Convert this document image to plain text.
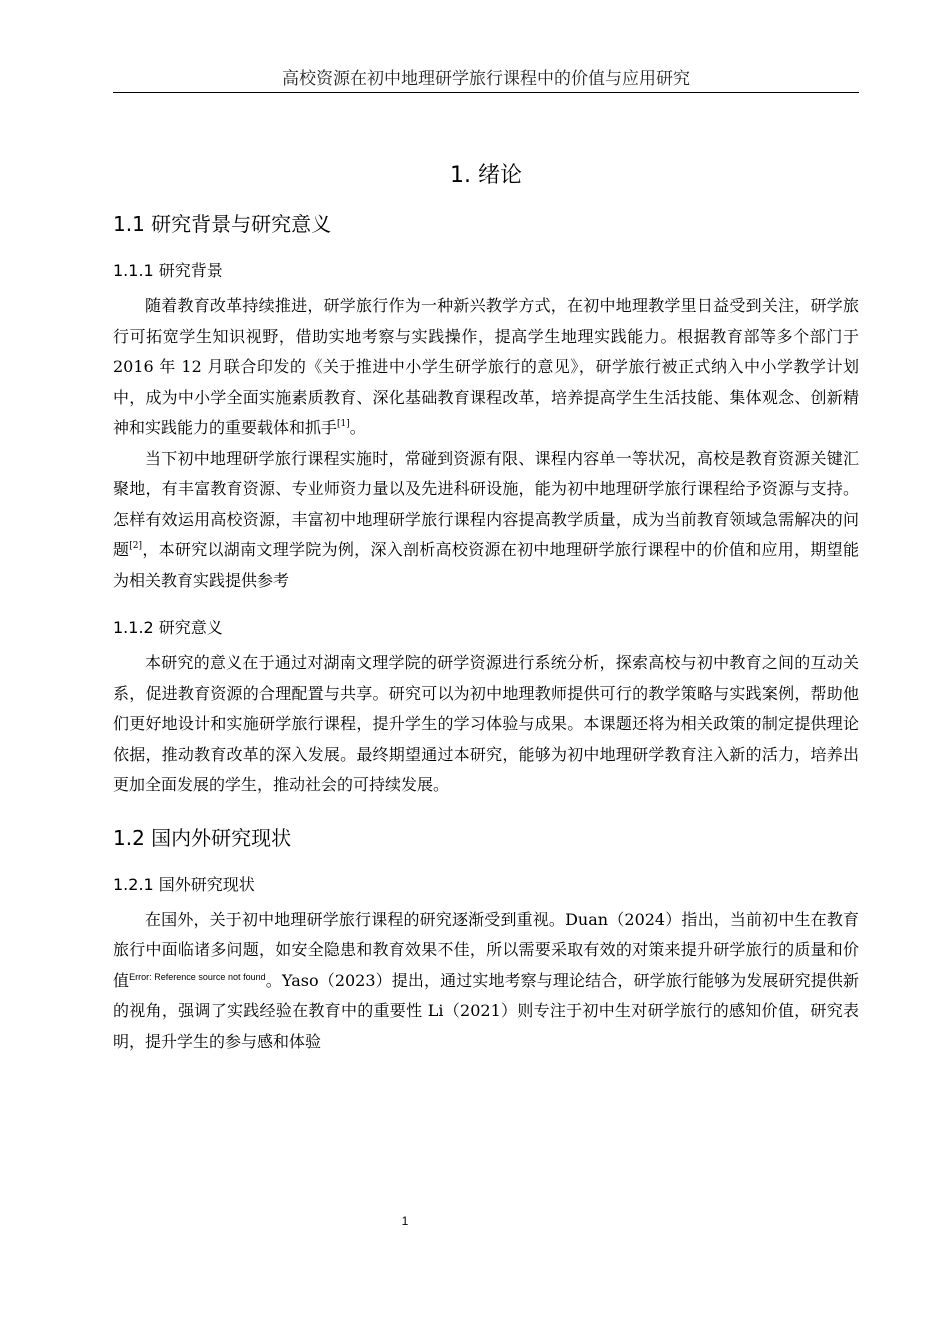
高校资源在初中地理研学旅行课程中的价值与应用研究
1. 绪论
1.1 研究背景与研究意义
1.1.1 研究背景

随着教育改革持续推进，研学旅行作为一种新兴教学方式，在初中地理教学里日益受到关注，研学旅行可拓宽学生知识视野，借助实地考察与实践操作，提高学生地理实践能力。根据教育部等多个部门于 2016 年 12 月联合印发的《关于推进中小学生研学旅行的意见》，研学旅行被正式纳入中小学教学计划中，成为中小学全面实施素质教育、深化基础教育课程改革，培养提高学生生活技能、集体观念、创新精神和实践能力的重要载体和抓手[1]。

当下初中地理研学旅行课程实施时，常碰到资源有限、课程内容单一等状况，高校是教育资源关键汇聚地，有丰富教育资源、专业师资力量以及先进科研设施，能为初中地理研学旅行课程给予资源与支持。怎样有效运用高校资源，丰富初中地理研学旅行课程内容提高教学质量，成为当前教育领域急需解决的问题[2]，本研究以湖南文理学院为例，深入剖析高校资源在初中地理研学旅行课程中的价值和应用，期望能为相关教育实践提供参考

1.1.2 研究意义

本研究的意义在于通过对湖南文理学院的研学资源进行系统分析，探索高校与初中教育之间的互动关系，促进教育资源的合理配置与共享。研究可以为初中地理教师提供可行的教学策略与实践案例，帮助他们更好地设计和实施研学旅行课程，提升学生的学习体验与成果。本课题还将为相关政策的制定提供理论依据，推动教育改革的深入发展。最终期望通过本研究，能够为初中地理研学教育注入新的活力，培养出更加全面发展的学生，推动社会的可持续发展。

1.2 国内外研究现状
1.2.1 国外研究现状

在国外，关于初中地理研学旅行课程的研究逐渐受到重视。Duan（2024）指出，当前初中生在教育旅行中面临诸多问题，如安全隐患和教育效果不佳，所以需要采取有效的对策来提升研学旅行的质量和价值$^{Error: Reference source not found}$。Yaso（2023）提出，通过实地考察与理论结合，研学旅行能够为发展研究提供新的视角，强调了实践经验在教育中的重要性 Li（2021）则专注于初中生对研学旅行的感知价值，研究表明，提升学生的参与感和体验

1
